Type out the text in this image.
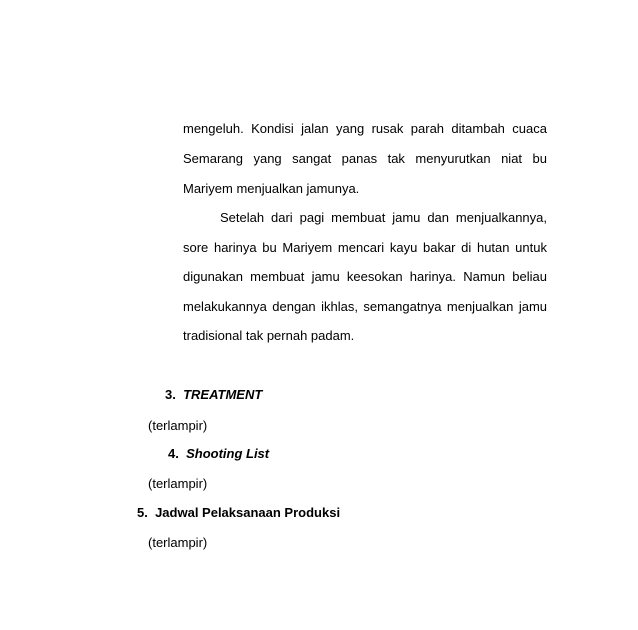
mengeluh. Kondisi jalan yang rusak parah ditambah cuaca
Semarang yang sangat panas tak menyurutkan niat bu
Mariyem menjualkan jamunya.
Setelah dari pagi membuat jamu dan menjualkannya,
sore harinya bu Mariyem mencari kayu bakar di hutan untuk
digunakan membuat jamu keesokan harinya. Namun beliau
melakukannya dengan ikhlas, semangatnya menjualkan jamu
tradisional tak pernah padam.
3. TREATMENT
(terlampir)
4. Shooting List
(terlampir)
5. Jadwal Pelaksanaan Produksi
(terlampir)
